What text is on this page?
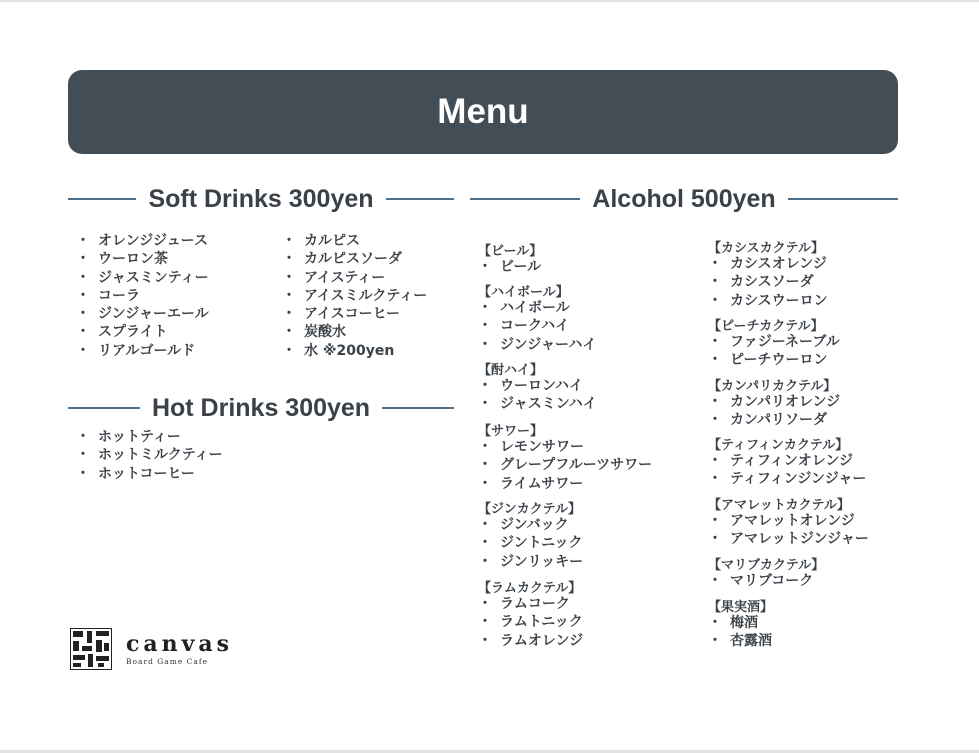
Menu
Soft Drinks 300yen
・ オレンジジュース
・ ウーロン茶
・ ジャスミンティー
・ コーラ
・ ジンジャーエール
・ スプライト
・ リアルゴールド
・ カルピス
・ カルピスソーダ
・ アイスティー
・ アイスミルクティー
・ アイスコーヒー
・ 炭酸水
・ 水 ※200yen
Hot Drinks 300yen
・ ホットティー
・ ホットミルクティー
・ ホットコーヒー
Alcohol 500yen
【ビール】
・ ビール
【ハイボール】
・ ハイボール
・ コークハイ
・ ジンジャーハイ
【酎ハイ】
・ ウーロンハイ
・ ジャスミンハイ
【サワー】
・ レモンサワー
・ グレープフルーツサワー
・ ライムサワー
【ジンカクテル】
・ ジンバック
・ ジントニック
・ ジンリッキー
【ラムカクテル】
・ ラムコーク
・ ラムトニック
・ ラムオレンジ
【カシスカクテル】
・ カシスオレンジ
・ カシスソーダ
・ カシスウーロン
【ピーチカクテル】
・ ファジーネーブル
・ ピーチウーロン
【カンパリカクテル】
・ カンパリオレンジ
・ カンパリソーダ
【ティフィンカクテル】
・ ティフィンオレンジ
・ ティフィンジンジャー
【アマレットカクテル】
・ アマレットオレンジ
・ アマレットジンジャー
【マリブカクテル】
・ マリブコーク
【果実酒】
・ 梅酒
・ 杏露酒
canvas
Board Game Cafe
